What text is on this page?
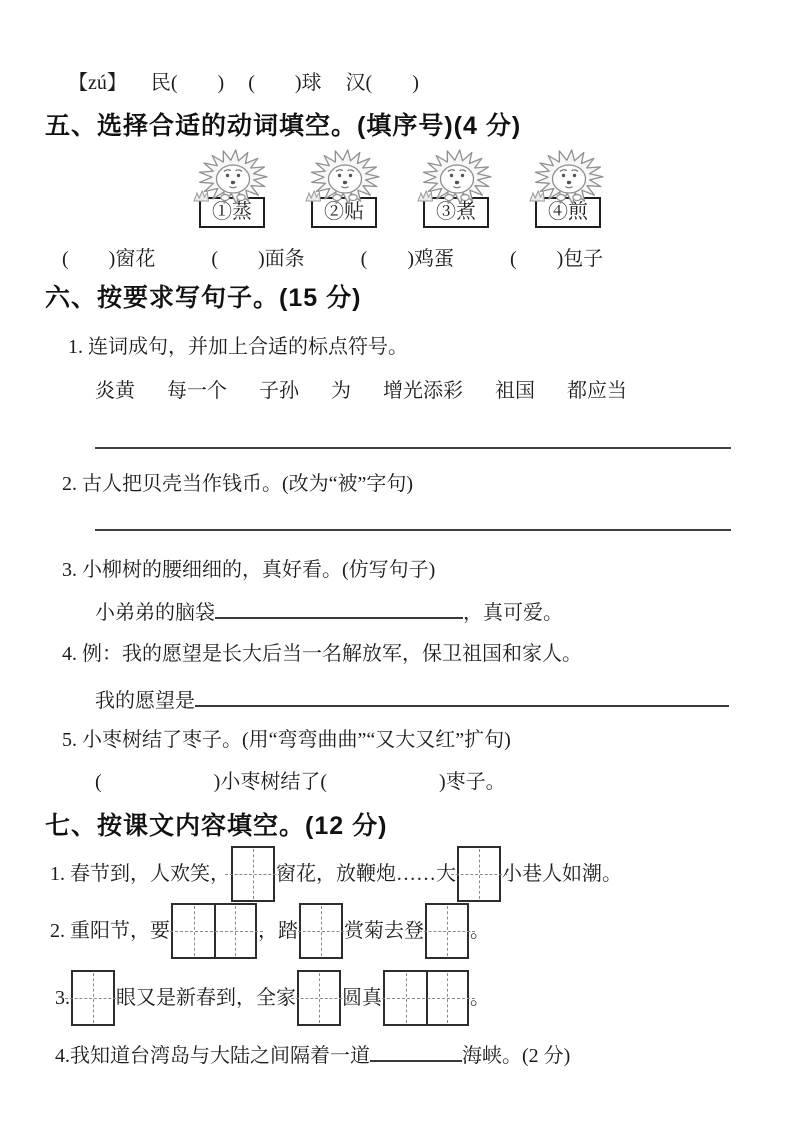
【zú】 民(　　) (　　)球 汉(　　)
五、选择合适的动词填空。(填序号)(4 分)
①蒸	②贴	③煮	④煎
(　　)窗花	(　　)面条	(　　)鸡蛋	(　　)包子
六、按要求写句子。(15 分)
1. 连词成句，并加上合适的标点符号。
炎黄 每一个 子孙 为 增光添彩 祖国 都应当
2. 古人把贝壳当作钱币。(改为“被”字句)
3. 小柳树的腰细细的，真好看。(仿写句子)
小弟弟的脑袋	，真可爱。
4. 例：我的愿望是长大后当一名解放军，保卫祖国和家人。
我的愿望是
5. 小枣树结了枣子。(用“弯弯曲曲”“又大又红”扩句)
(	)小枣树结了(	)枣子。
七、按课文内容填空。(12 分)
1. 春节到，人欢笑， 窗花，放鞭炮……大 小巷人如潮。
2. 重阳节，要	，踏 赏菊去登 。
3. 眼又是新春到，全家 圆真	。
4.我知道台湾岛与大陆之间隔着一道	海峡。(2 分)
